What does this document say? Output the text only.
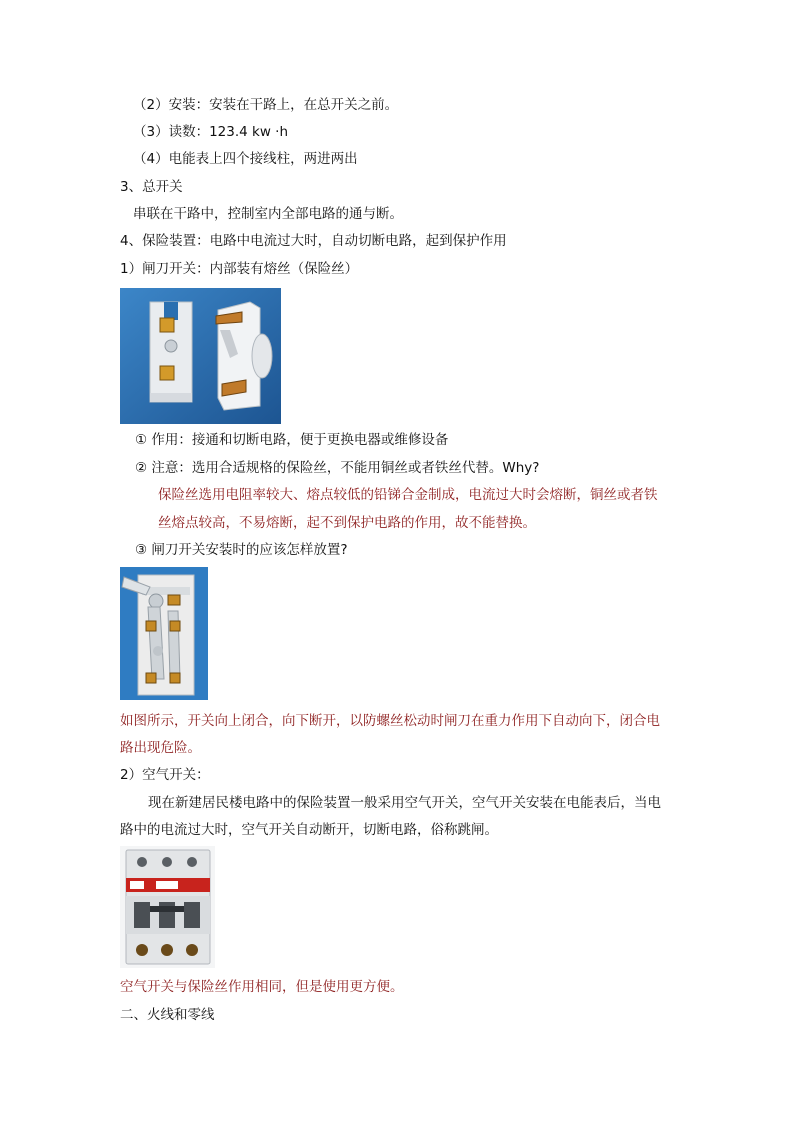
（2）安装：安装在干路上，在总开关之前。
（3）读数：123.4 kw ·h
（4）电能表上四个接线柱，两进两出
3、总开关
串联在干路中，控制室内全部电路的通与断。
4、保险装置：电路中电流过大时，自动切断电路，起到保护作用
1）闸刀开关：内部装有熔丝（保险丝）
① 作用：接通和切断电路，便于更换电器或维修设备
② 注意：选用合适规格的保险丝，不能用铜丝或者铁丝代替。Why?
保险丝选用电阻率较大、熔点较低的铅锑合金制成，电流过大时会熔断，铜丝或者铁
丝熔点较高，不易熔断，起不到保护电路的作用，故不能替换。
③ 闸刀开关安装时的应该怎样放置?
如图所示，开关向上闭合，向下断开，以防螺丝松动时闸刀在重力作用下自动向下，闭合电
路出现危险。
2）空气开关：
现在新建居民楼电路中的保险装置一般采用空气开关，空气开关安装在电能表后，当电
路中的电流过大时，空气开关自动断开，切断电路，俗称跳闸。
空气开关与保险丝作用相同，但是使用更方便。
二、火线和零线
